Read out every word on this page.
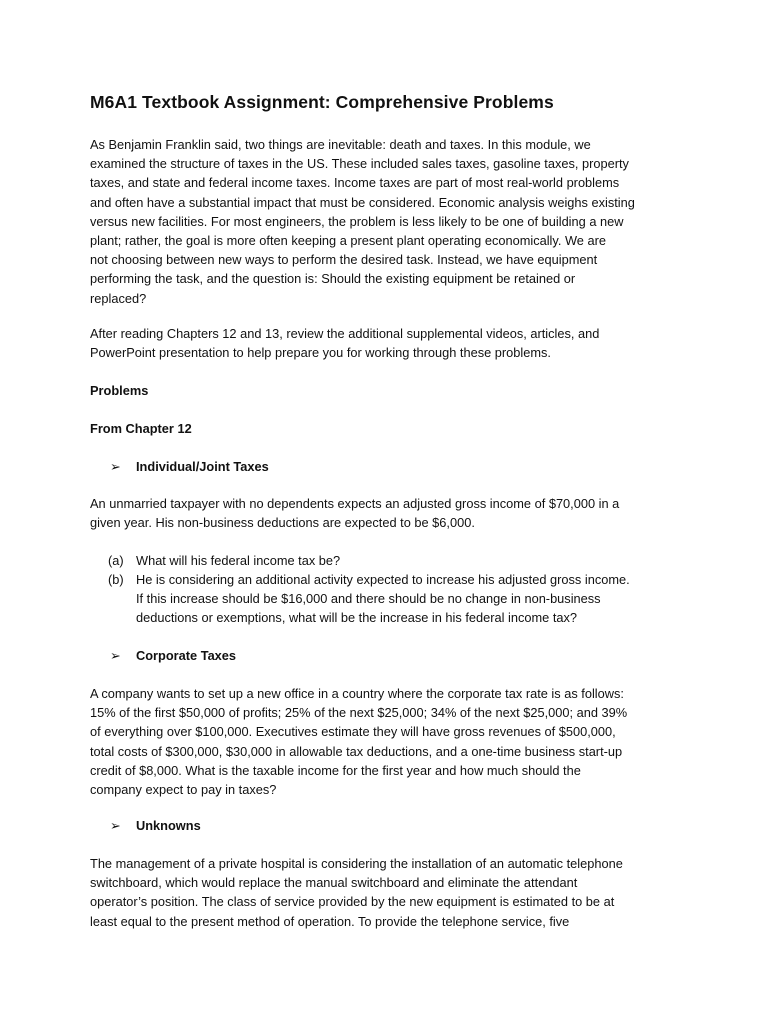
M6A1 Textbook Assignment: Comprehensive Problems

As Benjamin Franklin said, two things are inevitable: death and taxes. In this module, we
examined the structure of taxes in the US. These included sales taxes, gasoline taxes, property
taxes, and state and federal income taxes. Income taxes are part of most real-world problems
and often have a substantial impact that must be considered. Economic analysis weighs existing
versus new facilities. For most engineers, the problem is less likely to be one of building a new
plant; rather, the goal is more often keeping a present plant operating economically. We are
not choosing between new ways to perform the desired task. Instead, we have equipment
performing the task, and the question is: Should the existing equipment be retained or
replaced?

After reading Chapters 12 and 13, review the additional supplemental videos, articles, and
PowerPoint presentation to help prepare you for working through these problems.

Problems

From Chapter 12

➢ Individual/Joint Taxes

An unmarried taxpayer with no dependents expects an adjusted gross income of $70,000 in a
given year. His non-business deductions are expected to be $6,000.

(a) What will his federal income tax be?
(b) He is considering an additional activity expected to increase his adjusted gross income.
If this increase should be $16,000 and there should be no change in non-business
deductions or exemptions, what will be the increase in his federal income tax?
➢ Corporate Taxes

A company wants to set up a new office in a country where the corporate tax rate is as follows:
15% of the first $50,000 of profits; 25% of the next $25,000; 34% of the next $25,000; and 39%
of everything over $100,000. Executives estimate they will have gross revenues of $500,000,
total costs of $300,000, $30,000 in allowable tax deductions, and a one-time business start-up
credit of $8,000. What is the taxable income for the first year and how much should the
company expect to pay in taxes?

➢ Unknowns

The management of a private hospital is considering the installation of an automatic telephone
switchboard, which would replace the manual switchboard and eliminate the attendant
operator’s position. The class of service provided by the new equipment is estimated to be at
least equal to the present method of operation. To provide the telephone service, five
